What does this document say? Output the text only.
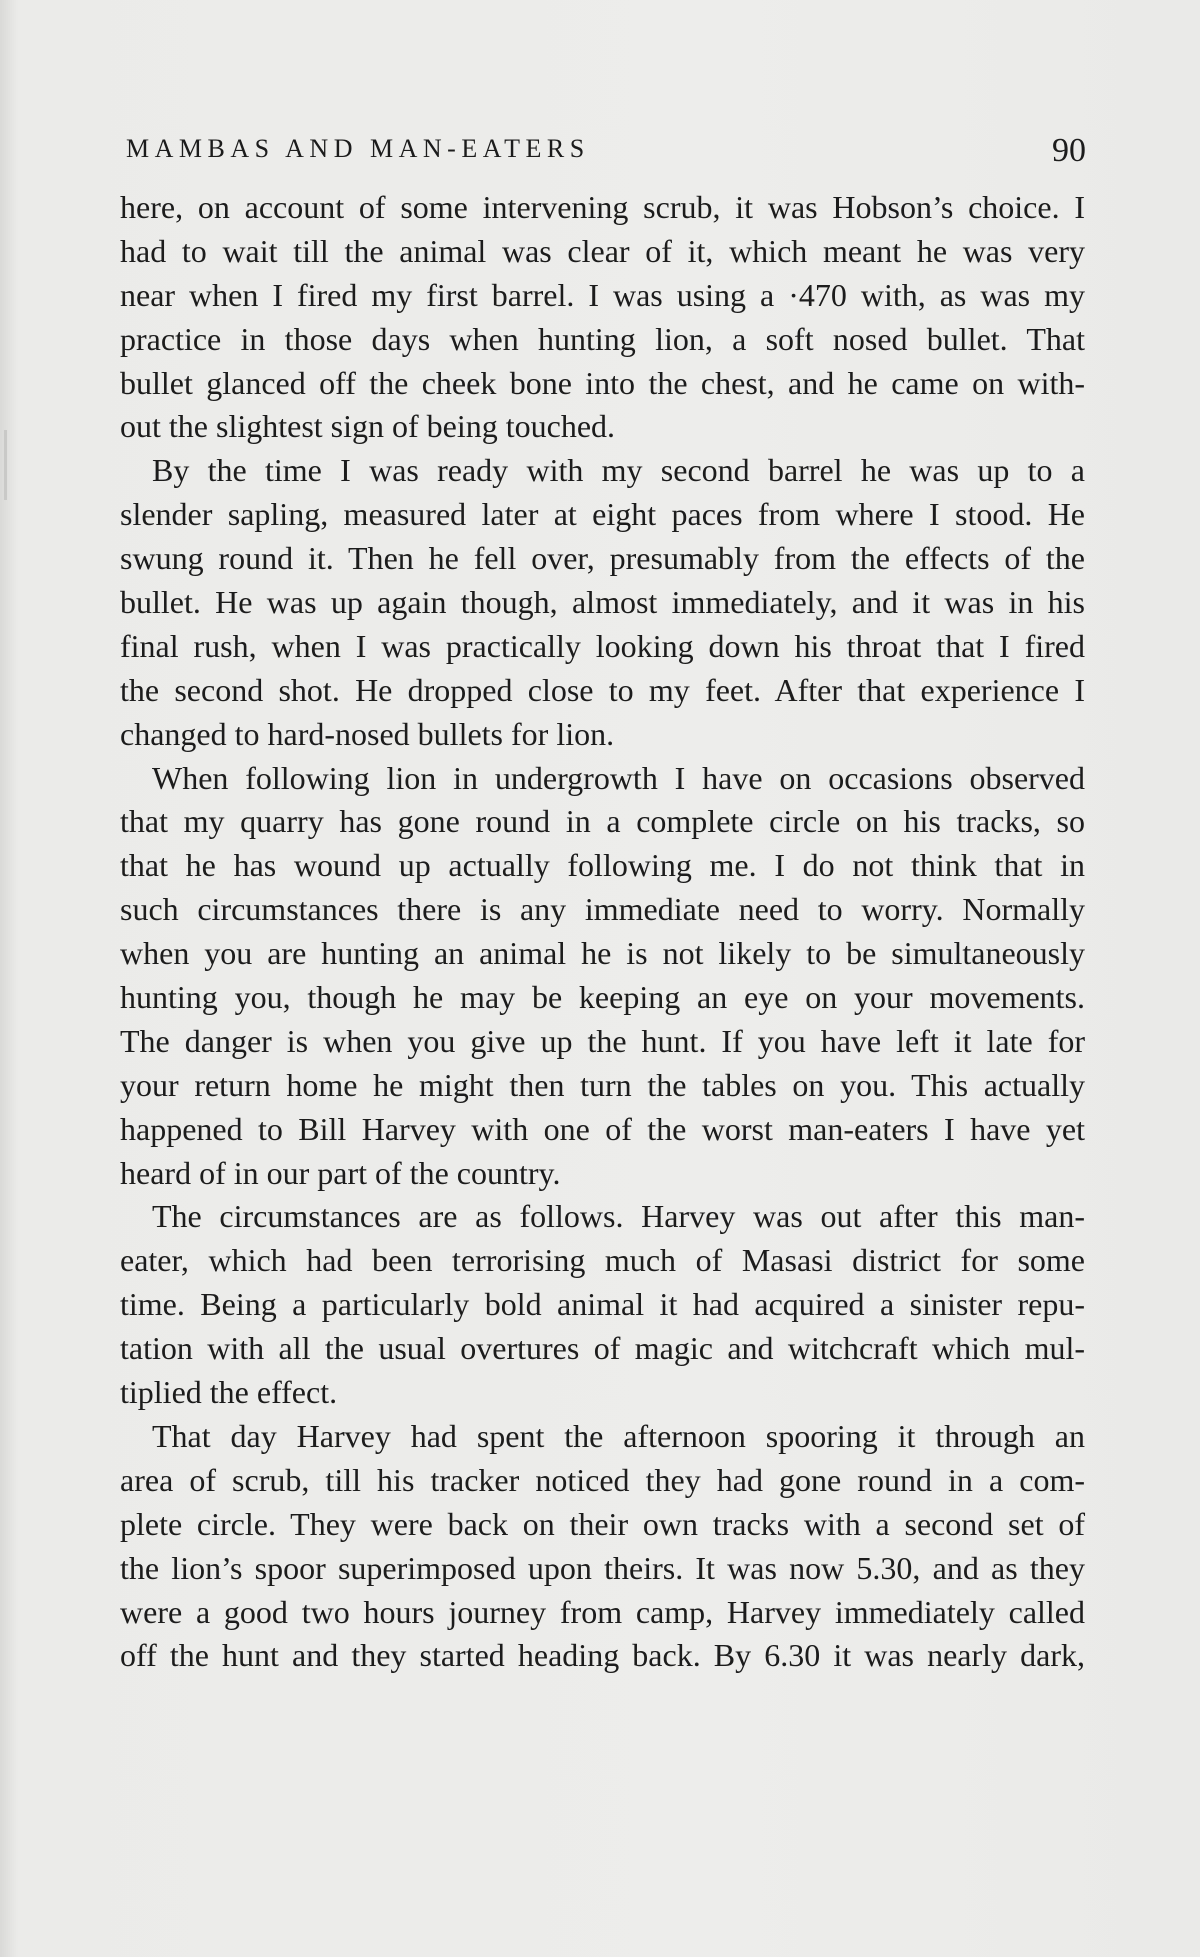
MAMBAS AND MAN-EATERS	90
here, on account of some intervening scrub, it was Hobson’s choice. I
had to wait till the animal was clear of it, which meant he was very
near when I fired my first barrel. I was using a ·470 with, as was my
practice in those days when hunting lion, a soft nosed bullet. That
bullet glanced off the cheek bone into the chest, and he came on with-
out the slightest sign of being touched.
By the time I was ready with my second barrel he was up to a
slender sapling, measured later at eight paces from where I stood. He
swung round it. Then he fell over, presumably from the effects of the
bullet. He was up again though, almost immediately, and it was in his
final rush, when I was practically looking down his throat that I fired
the second shot. He dropped close to my feet. After that experience I
changed to hard-nosed bullets for lion.
When following lion in undergrowth I have on occasions observed
that my quarry has gone round in a complete circle on his tracks, so
that he has wound up actually following me. I do not think that in
such circumstances there is any immediate need to worry. Normally
when you are hunting an animal he is not likely to be simultaneously
hunting you, though he may be keeping an eye on your movements.
The danger is when you give up the hunt. If you have left it late for
your return home he might then turn the tables on you. This actually
happened to Bill Harvey with one of the worst man-eaters I have yet
heard of in our part of the country.
The circumstances are as follows. Harvey was out after this man-
eater, which had been terrorising much of Masasi district for some
time. Being a particularly bold animal it had acquired a sinister repu-
tation with all the usual overtures of magic and witchcraft which mul-
tiplied the effect.
That day Harvey had spent the afternoon spooring it through an
area of scrub, till his tracker noticed they had gone round in a com-
plete circle. They were back on their own tracks with a second set of
the lion’s spoor superimposed upon theirs. It was now 5.30, and as they
were a good two hours journey from camp, Harvey immediately called
off the hunt and they started heading back. By 6.30 it was nearly dark,
